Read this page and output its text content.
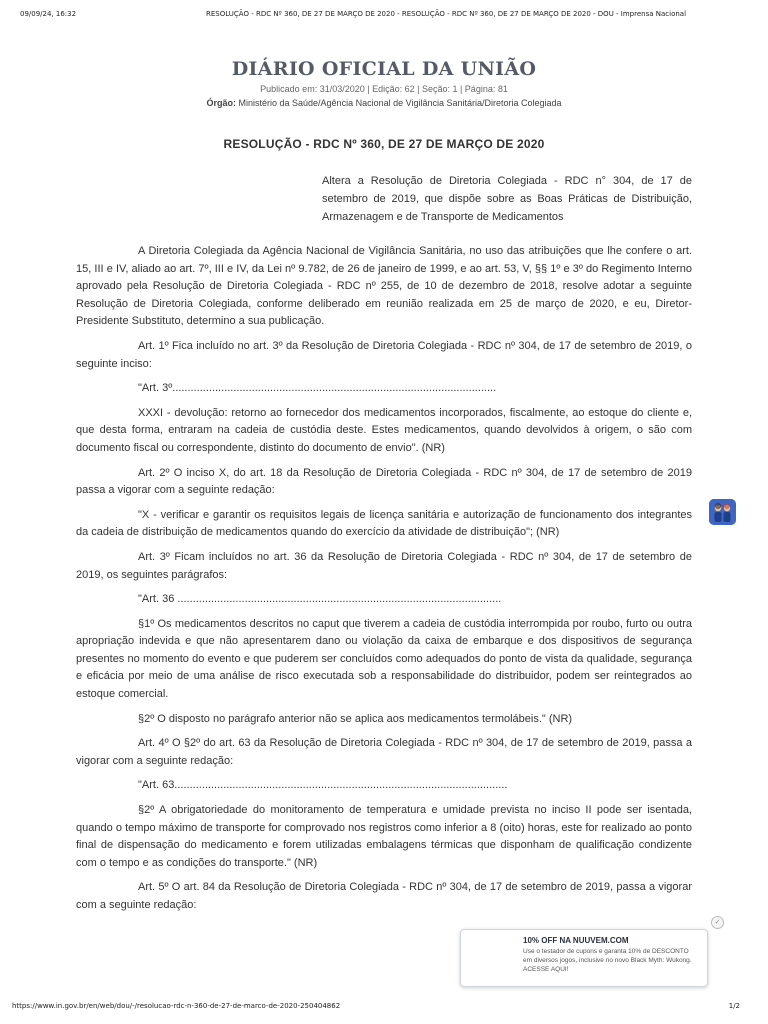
09/09/24, 16:32	RESOLUÇÃO - RDC Nº 360, DE 27 DE MARÇO DE 2020 - RESOLUÇÃO - RDC Nº 360, DE 27 DE MARÇO DE 2020 - DOU - Imprensa Nacional
DIÁRIO OFICIAL DA UNIÃO
Publicado em: 31/03/2020 | Edição: 62 | Seção: 1 | Página: 81
Órgão: Ministério da Saúde/Agência Nacional de Vigilância Sanitária/Diretoria Colegiada
RESOLUÇÃO - RDC Nº 360, DE 27 DE MARÇO DE 2020
Altera a Resolução de Diretoria Colegiada - RDC n° 304, de 17 de setembro de 2019, que dispõe sobre as Boas Práticas de Distribuição, Armazenagem e de Transporte de Medicamentos

A Diretoria Colegiada da Agência Nacional de Vigilância Sanitária, no uso das atribuições que lhe confere o art. 15, III e IV, aliado ao art. 7º, III e IV, da Lei nº 9.782, de 26 de janeiro de 1999, e ao art. 53, V, §§ 1º e 3º do Regimento Interno aprovado pela Resolução de Diretoria Colegiada - RDC nº 255, de 10 de dezembro de 2018, resolve adotar a seguinte Resolução de Diretoria Colegiada, conforme deliberado em reunião realizada em 25 de março de 2020, e eu, Diretor-Presidente Substituto, determino a sua publicação.

Art. 1º Fica incluído no art. 3º da Resolução de Diretoria Colegiada - RDC nº 304, de 17 de setembro de 2019, o seguinte inciso:

"Art. 3º..........................................................................................................

XXXI - devolução: retorno ao fornecedor dos medicamentos incorporados, fiscalmente, ao estoque do cliente e, que desta forma, entraram na cadeia de custódia deste. Estes medicamentos, quando devolvidos à origem, o são com documento fiscal ou correspondente, distinto do documento de envio". (NR)

Art. 2º O inciso X, do art. 18 da Resolução de Diretoria Colegiada - RDC nº 304, de 17 de setembro de 2019 passa a vigorar com a seguinte redação:

"X - verificar e garantir os requisitos legais de licença sanitária e autorização de funcionamento dos integrantes da cadeia de distribuição de medicamentos quando do exercício da atividade de distribuição"; (NR)

Art. 3º Ficam incluídos no art. 36 da Resolução de Diretoria Colegiada - RDC nº 304, de 17 de setembro de 2019, os seguintes parágrafos:

"Art. 36 ..........................................................................................................

§1º Os medicamentos descritos no caput que tiverem a cadeia de custódia interrompida por roubo, furto ou outra apropriação indevida e que não apresentarem dano ou violação da caixa de embarque e dos dispositivos de segurança presentes no momento do evento e que puderem ser concluídos como adequados do ponto de vista da qualidade, segurança e eficácia por meio de uma análise de risco executada sob a responsabilidade do distribuidor, podem ser reintegrados ao estoque comercial.

§2º O disposto no parágrafo anterior não se aplica aos medicamentos termolábeis." (NR)

Art. 4º O §2º do art. 63 da Resolução de Diretoria Colegiada - RDC nº 304, de 17 de setembro de 2019, passa a vigorar com a seguinte redação:

"Art. 63.............................................................................................................

§2º A obrigatoriedade do monitoramento de temperatura e umidade prevista no inciso II pode ser isentada, quando o tempo máximo de transporte for comprovado nos registros como inferior a 8 (oito) horas, este for realizado ao ponto final de dispensação do medicamento e forem utilizadas embalagens térmicas que disponham de qualificação condizente com o tempo e as condições do transporte." (NR)

Art. 5º O art. 84 da Resolução de Diretoria Colegiada - RDC nº 304, de 17 de setembro de 2019, passa a vigorar com a seguinte redação:

✓
10% OFF NA NUUVEM.COM
Use o testador de cupons e garanta 10% de DESCONTO em diversos jogos, inclusive no novo Black Myth: Wukong. ACESSE AQUI!
https://www.in.gov.br/en/web/dou/-/resolucao-rdc-n-360-de-27-de-marco-de-2020-250404862	1/2
